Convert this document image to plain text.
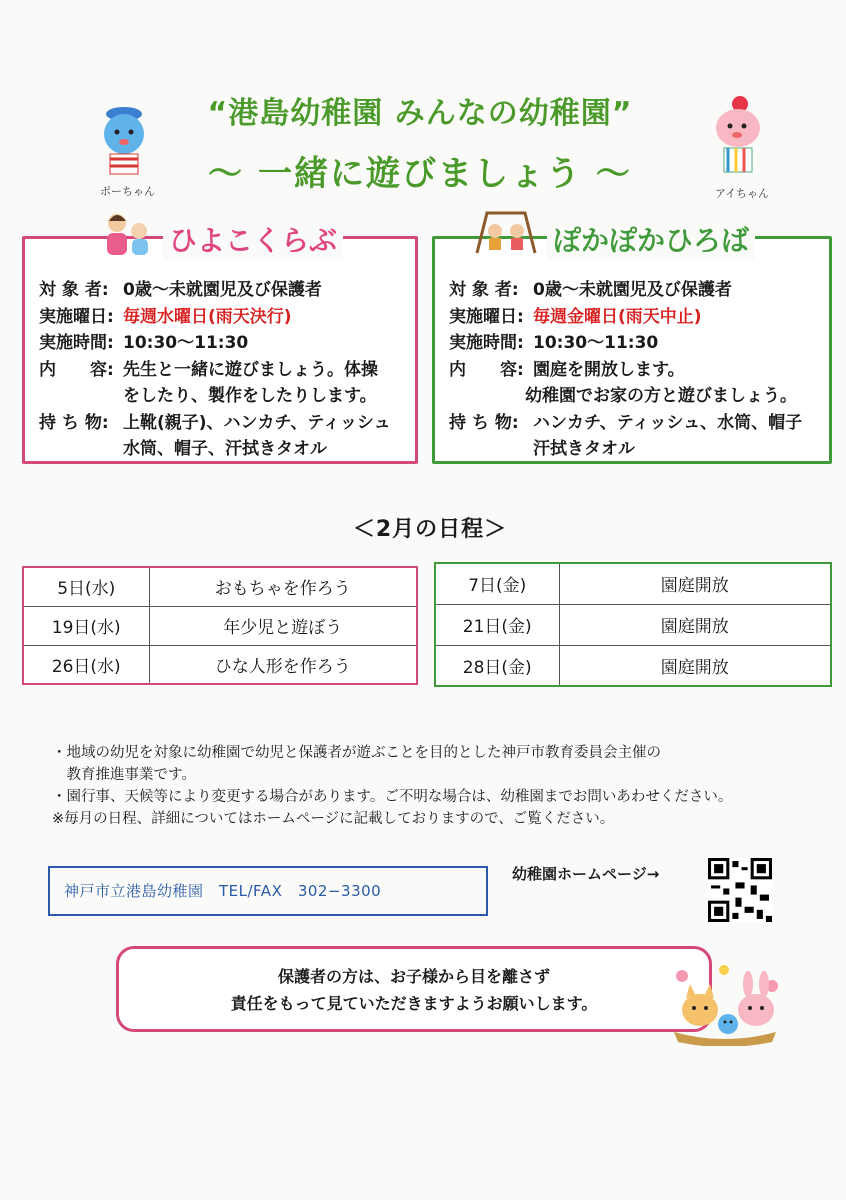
“港島幼稚園 みんなの幼稚園”
～ 一緒に遊びましょう ～
ポーちゃん	アイちゃん
ひよこくらぶ
対 象 者: 0歳～未就園児及び保護者
実施曜日: 毎週水曜日(雨天決行)
実施時間: 10:30～11:30
内　　容: 先生と一緒に遊びましょう。体操
をしたり、製作をしたりします。
持 ち 物: 上靴(親子)、ハンカチ、ティッシュ
水筒、帽子、汗拭きタオル
ぽかぽかひろば
対 象 者: 0歳～未就園児及び保護者
実施曜日: 毎週金曜日(雨天中止)
実施時間: 10:30～11:30
内　　容: 園庭を開放します。
幼稚園でお家の方と遊びましょう。
持 ち 物: ハンカチ、ティッシュ、水筒、帽子
汗拭きタオル
＜2月の日程＞
5日(水)	おもちゃを作ろう
19日(水)	年少児と遊ぼう
26日(水)	ひな人形を作ろう
7日(金)	園庭開放
21日(金)	園庭開放
28日(金)	園庭開放
・地域の幼児を対象に幼稚園で幼児と保護者が遊ぶことを目的とした神戸市教育委員会主催の
　教育推進事業です。
・園行事、天候等により変更する場合があります。ご不明な場合は、幼稚園までお問いあわせください。
※毎月の日程、詳細についてはホームページに記載しておりますので、ご覧ください。
神戸市立港島幼稚園　TEL/FAX　302−3300
幼稚園ホームページ→
保護者の方は、お子様から目を離さず
責任をもって見ていただきますようお願いします。
